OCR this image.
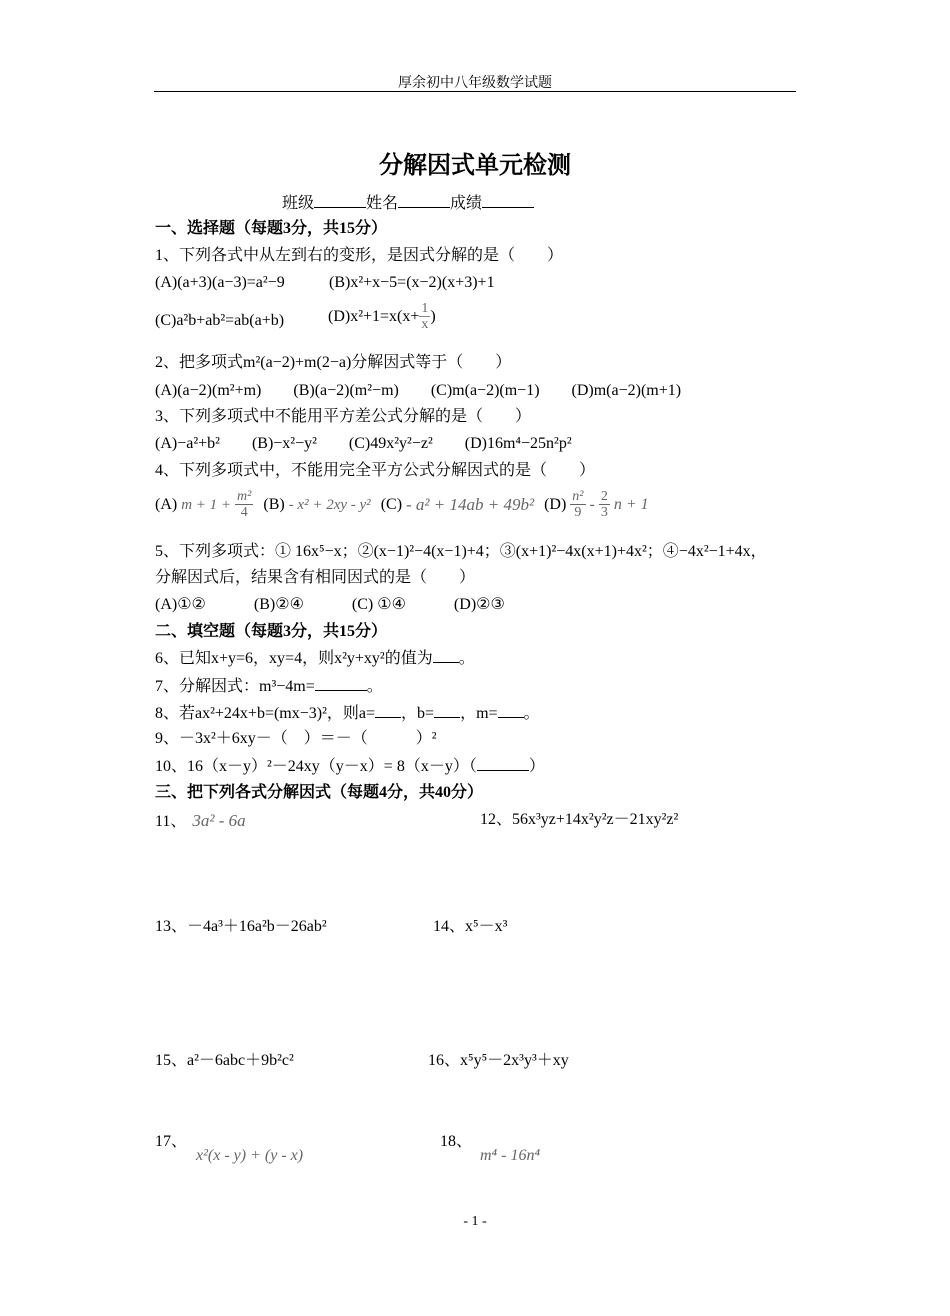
厚余初中八年级数学试题
分解因式单元检测
班级	姓名	成绩
一、选择题（每题3分，共15分）
1、下列各式中从左到右的变形，是因式分解的是（　　）
(A)(a+3)(a−3)=a²−9	(B)x²+x−5=(x−2)(x+3)+1
(C)a²b+ab²=ab(a+b)	$(D)x^2+1=x(x+ \frac{1}{x}$ )
2、把多项式m²(a−2)+m(2−a)分解因式等于（　　）
(A)(a−2)(m²+m)　　(B)(a−2)(m²−m)　　(C)m(a−2)(m−1)　　(D)m(a−2)(m+1)
3、下列多项式中不能用平方差公式分解的是（　　）
(A)−a²+b²　　(B)−x²−y²　　(C)49x²y²−z²　　(D)16m⁴−25n²p²
4、下列多项式中，不能用完全平方公式分解因式的是（　　）
(A) $m + 1 + \frac{\text{m²}}{4} (B) - x^2 + 2xy - y^2$ (C) - a² + 14ab + 49b² $(D) \frac{\text{n²}}{9} - \frac{2}{3}$ n + 1
5、下列多项式：① 16x⁵−x；②(x−1)²−4(x−1)+4；③(x+1)²−4x(x+1)+4x²；④−4x²−1+4x，
分解因式后，结果含有相同因式的是（　　）
(A)①②　　　(B)②④　　　(C) ①④　　　(D)②③
二、填空题（每题3分，共15分）
6、已知x+y=6，xy=4，则x²y+xy²的值为 。
7、分解因式：m³−4m=	。
8、若ax²+24x+b=(mx−3)²，则a= ，b= ，m= 。
9、－3x²＋6xy－（　）＝－（　　　）²
10、16（x－y）²－24xy（y－x）= 8（x－y）（	）
三、把下列各式分解因式（每题4分，共40分）
11、 3a² - 6a	12、56x³yz+14x²y²z－21xy²z²
13、－4a³＋16a²b－26ab²	14、x⁵－x³
15、a²－6abc＋9b²c²	16、x⁵y⁵－2x³y³＋xy
17、
x²(x - y) + (y - x)
18、
m⁴ - 16n⁴
- 1 -
